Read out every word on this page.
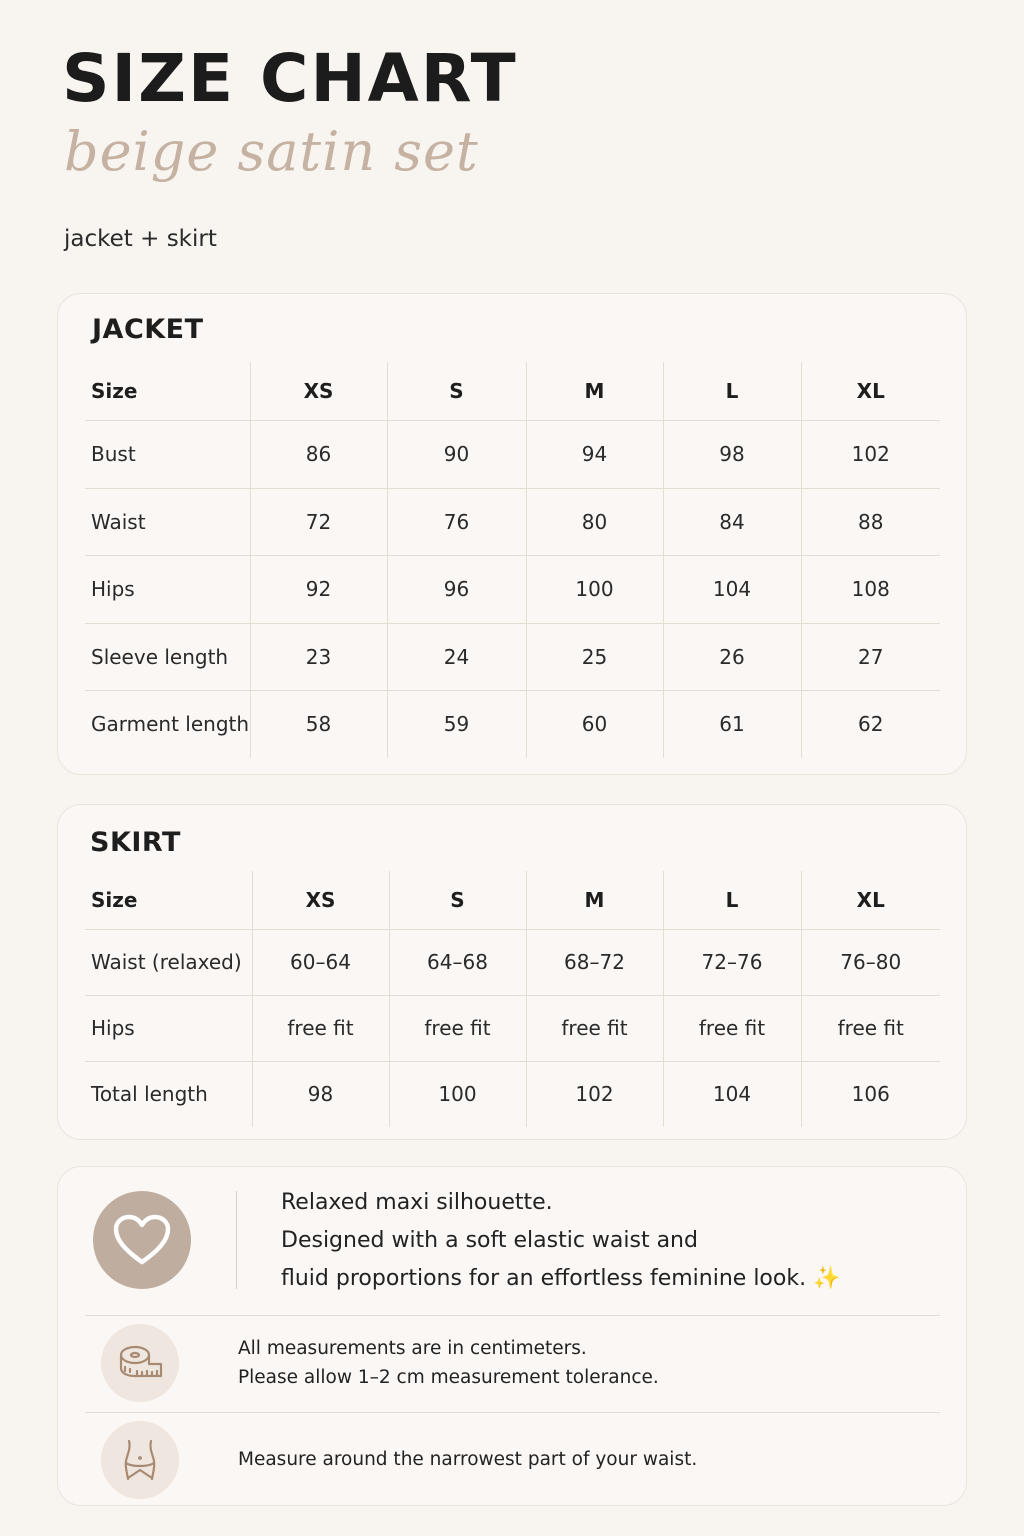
SIZE CHART
beige satin set
jacket + skirt
JACKET
Size	XS	S	M	L	XL
Bust	86	90	94	98	102
Waist	72	76	80	84	88
Hips	92	96	100	104	108
Sleeve length	23	24	25	26	27
Garment length	58	59	60	61	62
SKIRT
Size	XS	S	M	L	XL
Waist (relaxed)	60–64	64–68	68–72	72–76	76–80
Hips	free fit	free fit	free fit	free fit	free fit
Total length	98	100	102	104	106
Relaxed maxi silhouette.
Designed with a soft elastic waist and
fluid proportions for an effortless feminine look. ✨
All measurements are in centimeters.
Please allow 1–2 cm measurement tolerance.
Measure around the narrowest part of your waist.
